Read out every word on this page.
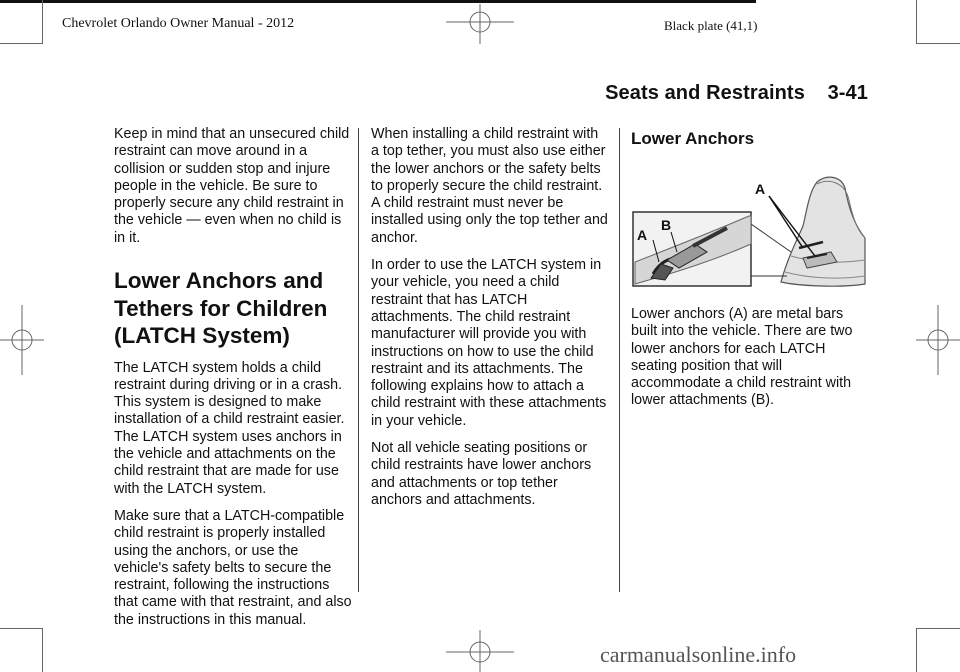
Chevrolet Orlando Owner Manual - 2012	Black plate (41,1)
Seats and Restraints 3-41

Keep in mind that an unsecured child restraint can move around in a collision or sudden stop and injure people in the vehicle. Be sure to properly secure any child restraint in the vehicle — even when no child is in it.

Lower Anchors and
Tethers for Children
(LATCH System)

The LATCH system holds a child restraint during driving or in a crash. This system is designed to make installation of a child restraint easier. The LATCH system uses anchors in the vehicle and attachments on the child restraint that are made for use with the LATCH system.

Make sure that a LATCH-compatible child restraint is properly installed using the anchors, or use the vehicle's safety belts to secure the restraint, following the instructions that came with that restraint, and also the instructions in this manual.

When installing a child restraint with a top tether, you must also use either the lower anchors or the safety belts to properly secure the child restraint. A child restraint must never be installed using only the top tether and anchor.

In order to use the LATCH system in your vehicle, you need a child restraint that has LATCH attachments. The child restraint manufacturer will provide you with instructions on how to use the child restraint and its attachments. The following explains how to attach a child restraint with these attachments in your vehicle.

Not all vehicle seating positions or child restraints have lower anchors and attachments or top tether anchors and attachments.

Lower Anchors
A
B
A

Lower anchors (A) are metal bars built into the vehicle. There are two lower anchors for each LATCH seating position that will accommodate a child restraint with lower attachments (B).

carmanualsonline.info
